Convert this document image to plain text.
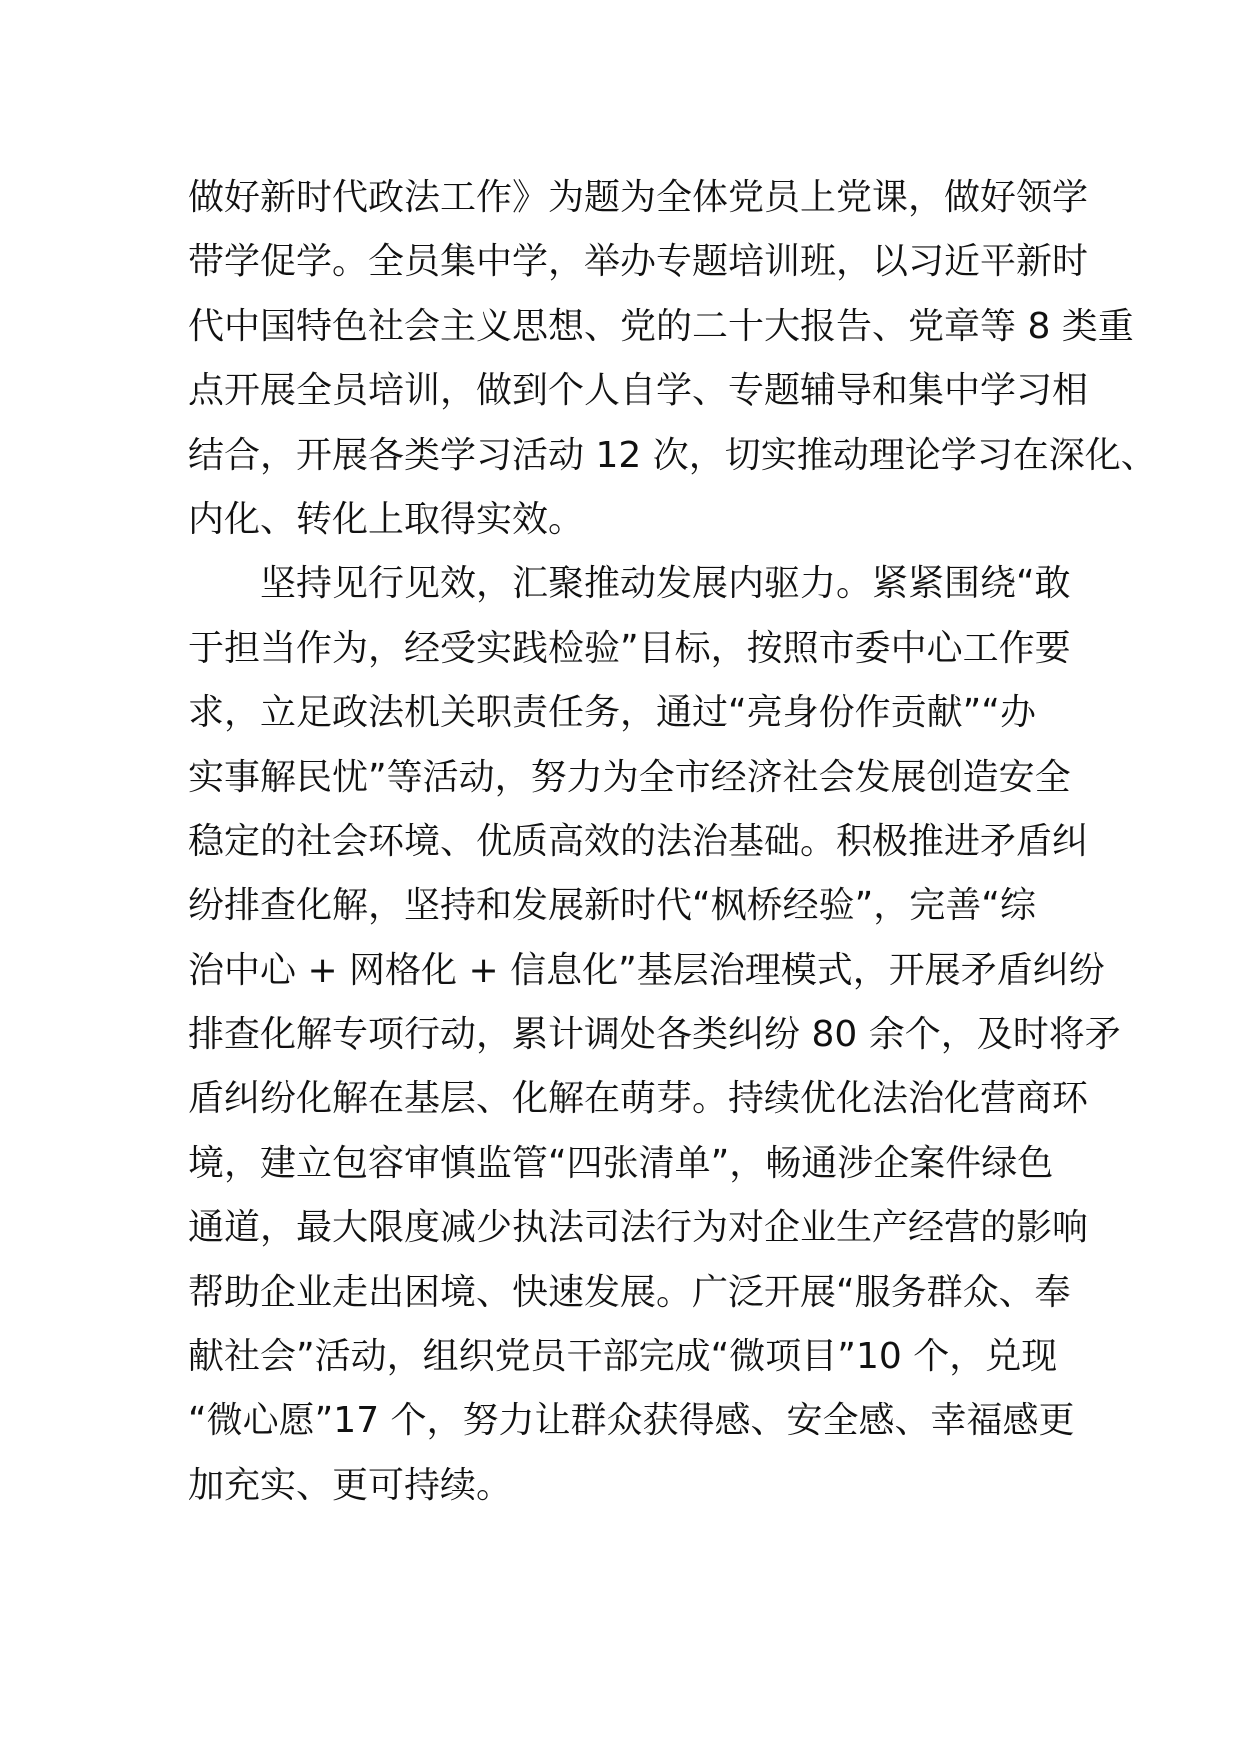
做好新时代政法工作》为题为全体党员上党课，做好领学
带学促学。全员集中学，举办专题培训班，以习近平新时
代中国特色社会主义思想、党的二十大报告、党章等 8 类重
点开展全员培训，做到个人自学、专题辅导和集中学习相
结合，开展各类学习活动 12 次，切实推动理论学习在深化、
内化、转化上取得实效。
坚持见行见效，汇聚推动发展内驱力。紧紧围绕“敢
于担当作为，经受实践检验”目标，按照市委中心工作要
求，立足政法机关职责任务，通过“亮身份作贡献”“办
实事解民忧”等活动，努力为全市经济社会发展创造安全
稳定的社会环境、优质高效的法治基础。积极推进矛盾纠
纷排查化解，坚持和发展新时代“枫桥经验”，完善“综
治中心 + 网格化 + 信息化”基层治理模式，开展矛盾纠纷
排查化解专项行动，累计调处各类纠纷 80 余个，及时将矛
盾纠纷化解在基层、化解在萌芽。持续优化法治化营商环
境，建立包容审慎监管“四张清单”，畅通涉企案件绿色
通道，最大限度减少执法司法行为对企业生产经营的影响
帮助企业走出困境、快速发展。广泛开展“服务群众、奉
献社会”活动，组织党员干部完成“微项目”10 个，兑现
“微心愿”17 个，努力让群众获得感、安全感、幸福感更
加充实、更可持续。
